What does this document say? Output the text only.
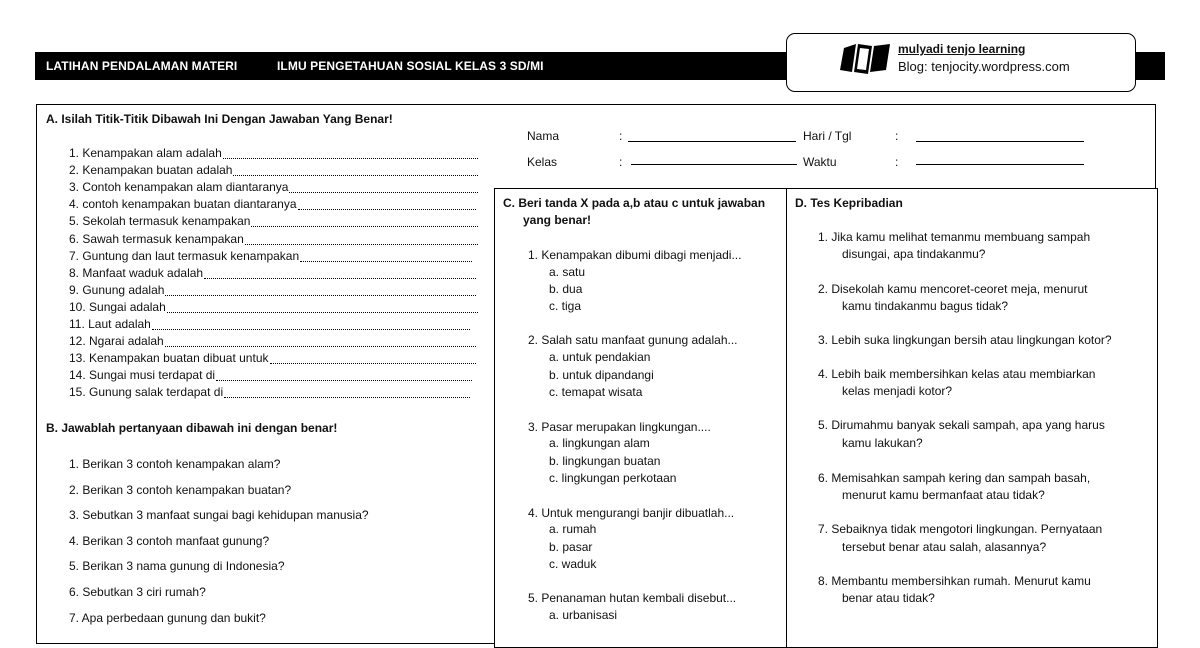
LATIHAN PENDALAMAN MATERI	ILMU PENGETAHUAN SOSIAL KELAS 3 SD/MI
mulyadi tenjo learning
Blog: tenjocity.wordpress.com
A. Isilah Titik-Titik Dibawah Ini Dengan Jawaban Yang Benar!
1. Kenampakan alam adalah
2. Kenampakan buatan adalah
3. Contoh kenampakan alam diantaranya
4. contoh kenampakan buatan diantaranya
5. Sekolah termasuk kenampakan
6. Sawah termasuk kenampakan
7. Guntung dan laut termasuk kenampakan
8. Manfaat waduk adalah
9. Gunung adalah
10. Sungai adalah
11. Laut adalah
12. Ngarai adalah
13. Kenampakan buatan dibuat untuk
14. Sungai musi terdapat di
15. Gunung salak terdapat di
B. Jawablah pertanyaan dibawah ini dengan benar!
1. Berikan 3 contoh kenampakan alam?
2. Berikan 3 contoh kenampakan buatan?
3. Sebutkan 3 manfaat sungai bagi kehidupan manusia?
4. Berikan 3 contoh manfaat gunung?
5. Berikan 3 nama gunung di Indonesia?
6. Sebutkan 3 ciri rumah?
7. Apa perbedaan gunung dan bukit?
Nama	:	Hari / Tgl	:
Kelas	:	Waktu	:
C. Beri tanda X pada a,b atau c untuk jawaban
yang benar!
1. Kenampakan dibumi dibagi menjadi...
a. satu
b. dua
c. tiga
2. Salah satu manfaat gunung adalah...
a. untuk pendakian
b. untuk dipandangi
c. temapat wisata
3. Pasar merupakan lingkungan....
a. lingkungan alam
b. lingkungan buatan
c. lingkungan perkotaan
4. Untuk mengurangi banjir dibuatlah...
a. rumah
b. pasar
c. waduk
5. Penanaman hutan kembali disebut...
a. urbanisasi
D. Tes Kepribadian
1. Jika kamu melihat temanmu membuang sampah
disungai, apa tindakanmu?
2. Disekolah kamu mencoret-ceoret meja, menurut
kamu tindakanmu bagus tidak?
3. Lebih suka lingkungan bersih atau lingkungan kotor?
4. Lebih baik membersihkan kelas atau membiarkan
kelas menjadi kotor?
5. Dirumahmu banyak sekali sampah, apa yang harus
kamu lakukan?
6. Memisahkan sampah kering dan sampah basah,
menurut kamu bermanfaat atau tidak?
7. Sebaiknya tidak mengotori lingkungan. Pernyataan
tersebut benar atau salah, alasannya?
8. Membantu membersihkan rumah. Menurut kamu
benar atau tidak?
